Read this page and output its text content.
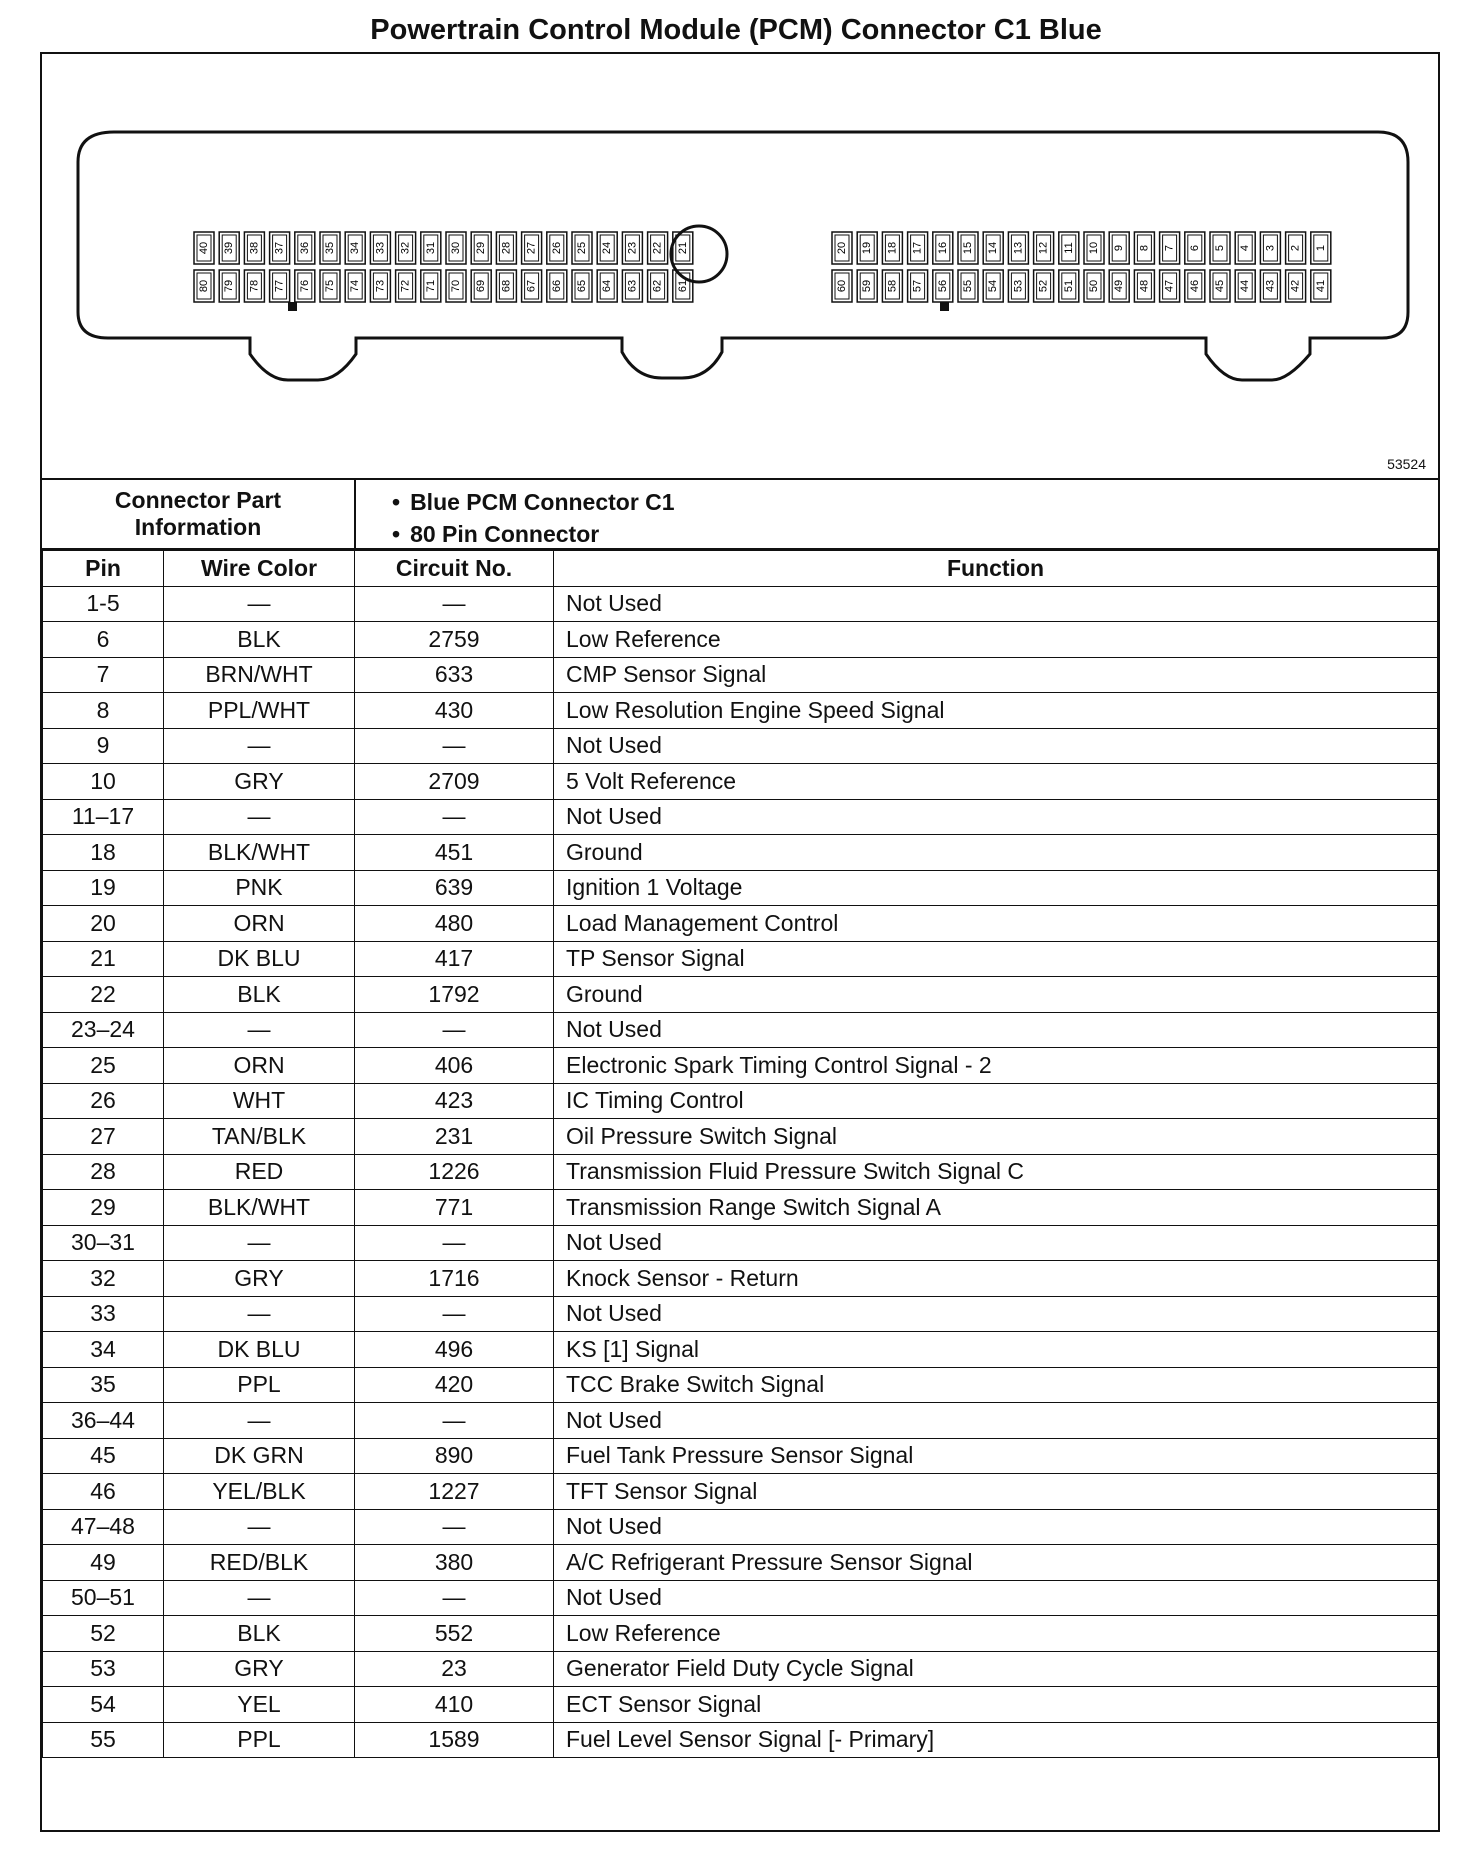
Powertrain Control Module (PCM) Connector C1 Blue
40 39 38 37 36 35 34 33 32 31 30 29 28 27 26 25 24 23 22 21
80 79 78 77 76 75 74 73 72 71 70 69 68 67 66 65 64 63 62 61
20 19 18 17 16 15 14 13 12 11 10 9 8 7 6 5 4 3 2 1
60 59 58 57 56 55 54 53 52 51 50 49 48 47 46 45 44 43 42 41
53524
Connector Part Information
• Blue PCM Connector C1
• 80 Pin Connector
Pin	Wire Color	Circuit No.	Function
1-5	—	—	Not Used
6	BLK	2759	Low Reference
7	BRN/WHT	633	CMP Sensor Signal
8	PPL/WHT	430	Low Resolution Engine Speed Signal
9	—	—	Not Used
10	GRY	2709	5 Volt Reference
11–17	—	—	Not Used
18	BLK/WHT	451	Ground
19	PNK	639	Ignition 1 Voltage
20	ORN	480	Load Management Control
21	DK BLU	417	TP Sensor Signal
22	BLK	1792	Ground
23–24	—	—	Not Used
25	ORN	406	Electronic Spark Timing Control Signal - 2
26	WHT	423	IC Timing Control
27	TAN/BLK	231	Oil Pressure Switch Signal
28	RED	1226	Transmission Fluid Pressure Switch Signal C
29	BLK/WHT	771	Transmission Range Switch Signal A
30–31	—	—	Not Used
32	GRY	1716	Knock Sensor - Return
33	—	—	Not Used
34	DK BLU	496	KS [1] Signal
35	PPL	420	TCC Brake Switch Signal
36–44	—	—	Not Used
45	DK GRN	890	Fuel Tank Pressure Sensor Signal
46	YEL/BLK	1227	TFT Sensor Signal
47–48	—	—	Not Used
49	RED/BLK	380	A/C Refrigerant Pressure Sensor Signal
50–51	—	—	Not Used
52	BLK	552	Low Reference
53	GRY	23	Generator Field Duty Cycle Signal
54	YEL	410	ECT Sensor Signal
55	PPL	1589	Fuel Level Sensor Signal [- Primary]
